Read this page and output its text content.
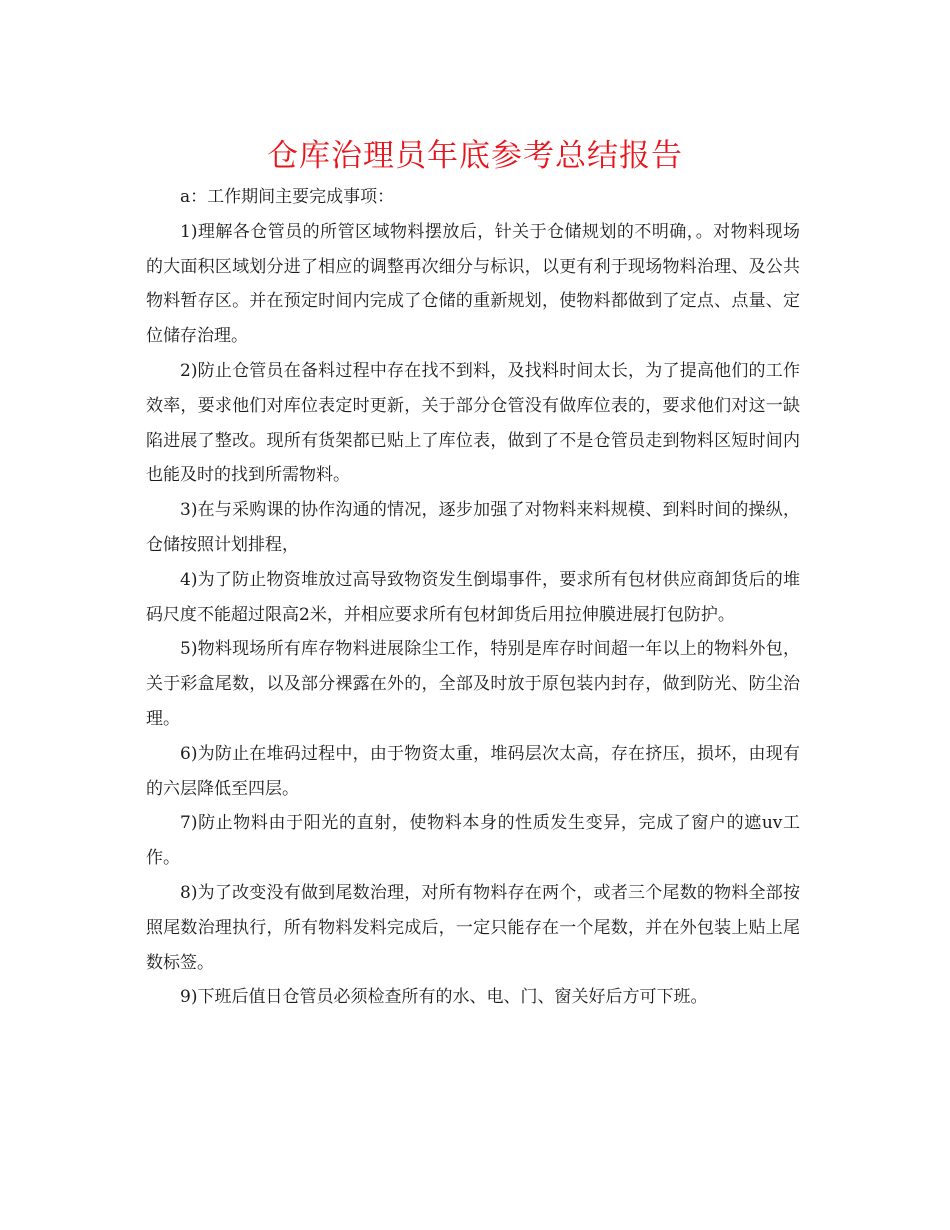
仓库治理员年底参考总结报告

a：工作期间主要完成事项：

1)理解各仓管员的所管区域物料摆放后，针关于仓储规划的不明确，。对物料现场的大面积区域划分进了相应的调整再次细分与标识，以更有利于现场物料治理、及公共物料暂存区。并在预定时间内完成了仓储的重新规划，使物料都做到了定点、点量、定位储存治理。

2)防止仓管员在备料过程中存在找不到料，及找料时间太长，为了提高他们的工作效率，要求他们对库位表定时更新，关于部分仓管没有做库位表的，要求他们对这一缺陷进展了整改。现所有货架都已贴上了库位表，做到了不是仓管员走到物料区短时间内也能及时的找到所需物料。

3)在与采购课的协作沟通的情况，逐步加强了对物料来料规模、到料时间的操纵，仓储按照计划排程，

4)为了防止物资堆放过高导致物资发生倒塌事件，要求所有包材供应商卸货后的堆码尺度不能超过限高2米，并相应要求所有包材卸货后用拉伸膜进展打包防护。

5)物料现场所有库存物料进展除尘工作，特别是库存时间超一年以上的物料外包，关于彩盒尾数，以及部分裸露在外的，全部及时放于原包装内封存，做到防光、防尘治理。

6)为防止在堆码过程中，由于物资太重，堆码层次太高，存在挤压，损坏，由现有的六层降低至四层。

7)防止物料由于阳光的直射，使物料本身的性质发生变异，完成了窗户的遮uv工作。

8)为了改变没有做到尾数治理，对所有物料存在两个，或者三个尾数的物料全部按照尾数治理执行，所有物料发料完成后，一定只能存在一个尾数，并在外包装上贴上尾数标签。

9)下班后值日仓管员必须检查所有的水、电、门、窗关好后方可下班。
